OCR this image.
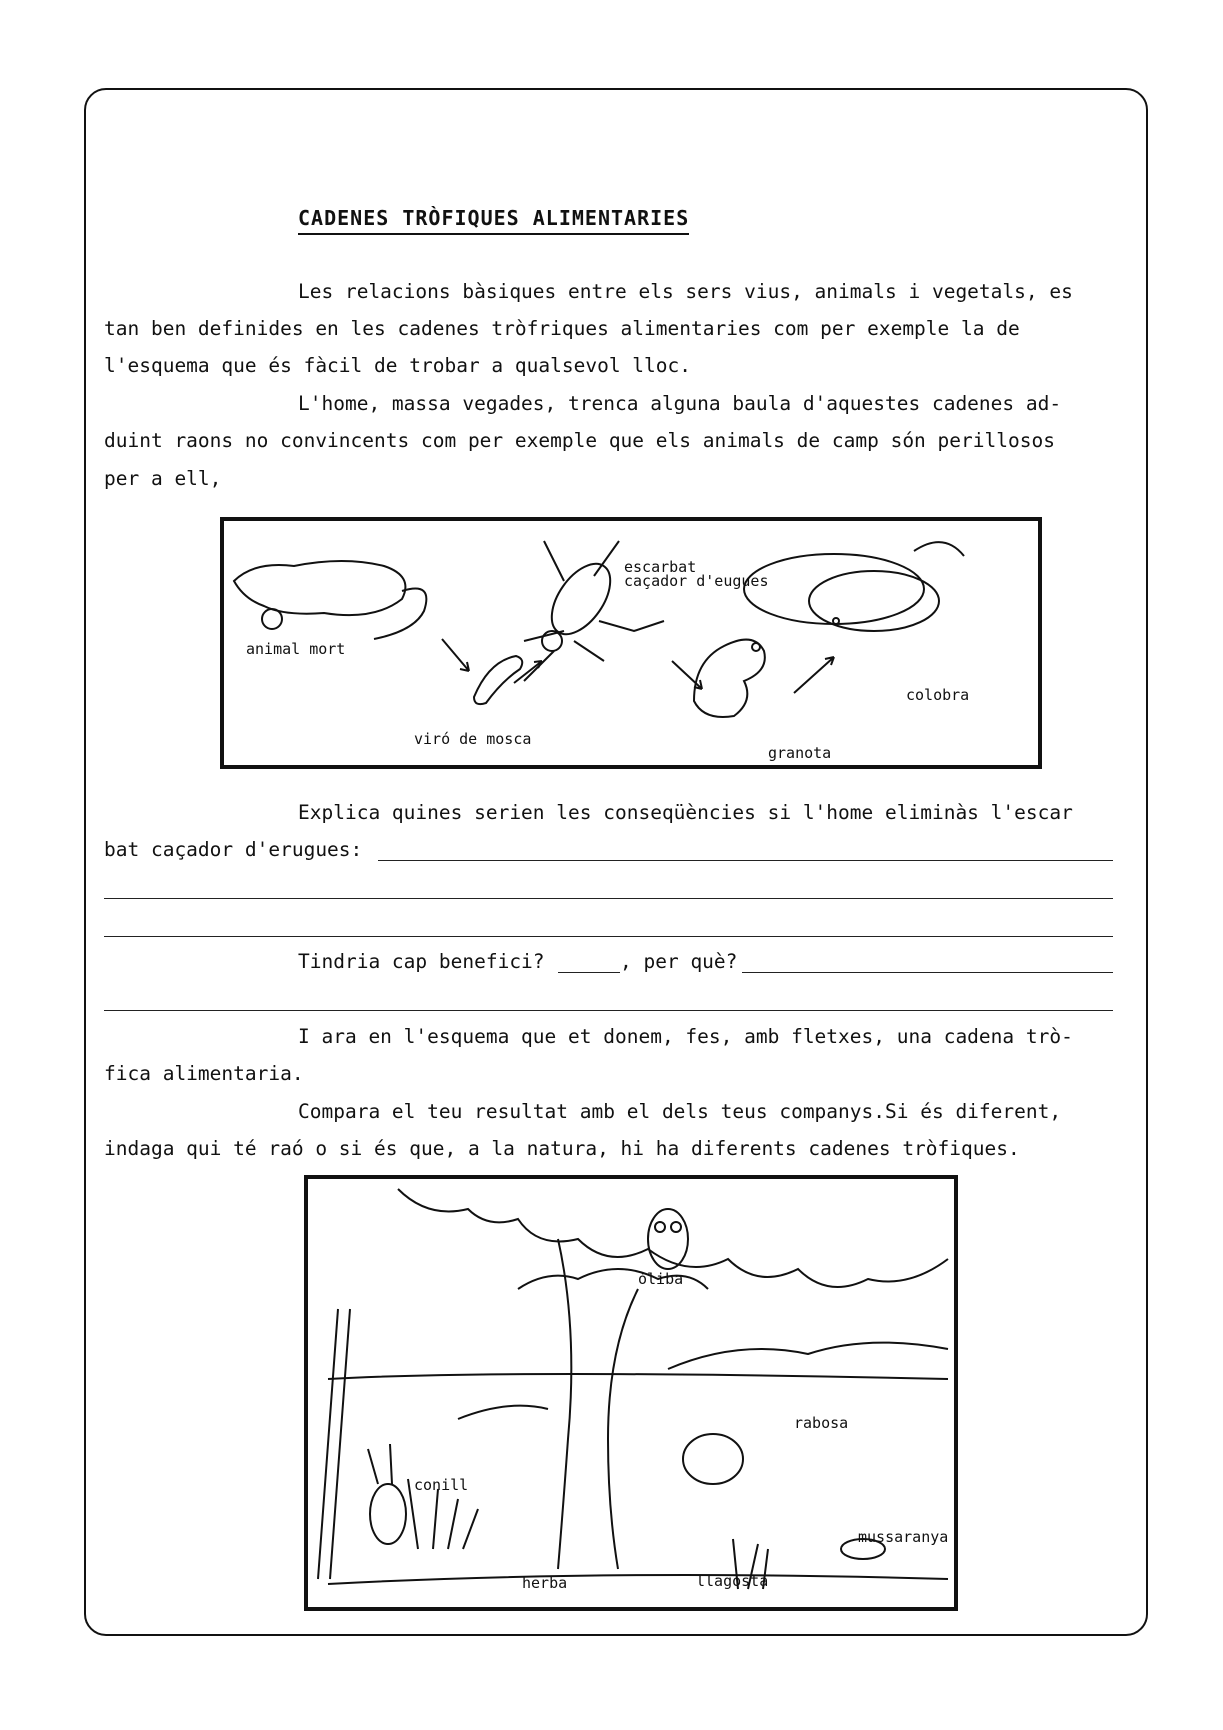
CADENES TRÒFIQUES ALIMENTARIES
Les relacions bàsiques entre els sers vius, animals i vegetals, es
tan ben definides en les cadenes tròfriques alimentaries com per exemple la de
l'esquema que és fàcil de trobar a qualsevol lloc.
L'home, massa vegades, trenca alguna baula d'aquestes cadenes ad-
duint raons no convincents com per exemple que els animals de camp són perillosos
per a ell,
animal mort
viró de mosca
escarbat
caçador d'eugues
granota
colobra
Explica quines serien les conseqüències si l'home eliminàs l'escar
bat caçador d'erugues:
Tindria cap benefici?	, per què?
I ara en l'esquema que et donem, fes, amb fletxes, una cadena trò-
fica alimentaria.
Compara el teu resultat amb el dels teus companys.Si és diferent,
indaga qui té raó o si és que, a la natura, hi ha diferents cadenes tròfiques.
òliba
rabosa
conill
mussaranya
herba	llagosta
